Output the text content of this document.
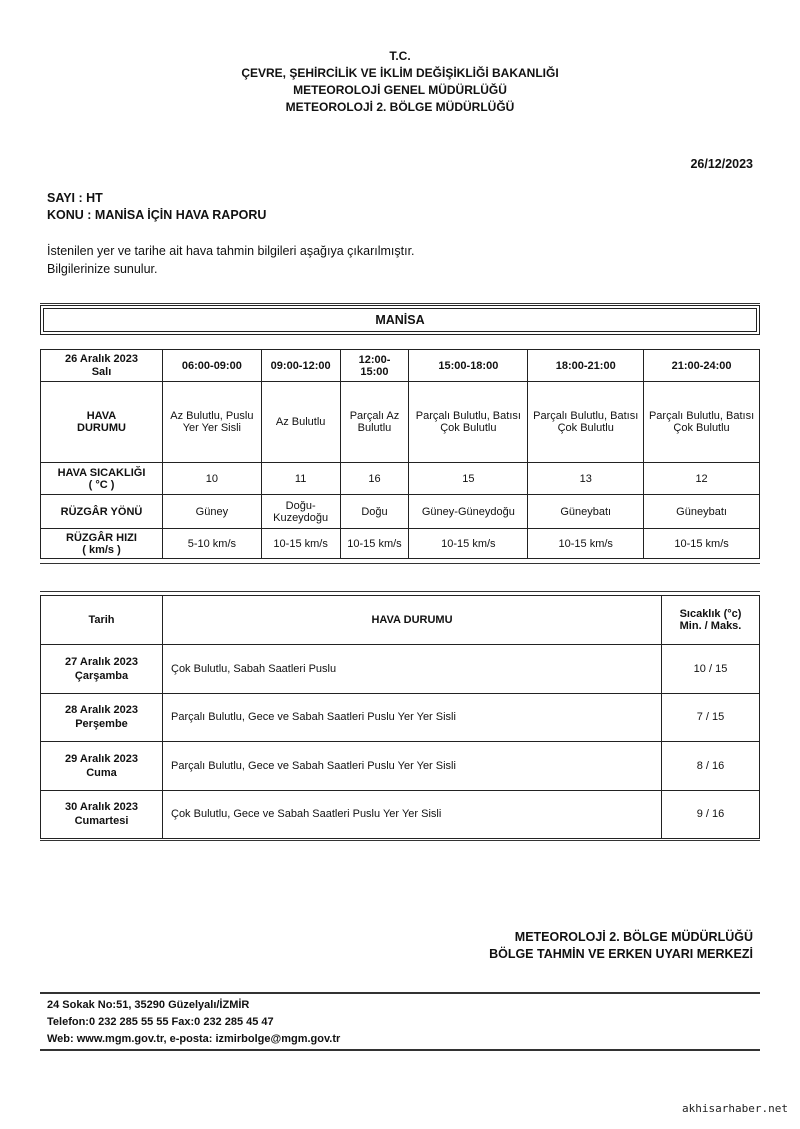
T.C.
ÇEVRE, ŞEHİRCİLİK VE İKLİM DEĞİŞİKLİĞİ BAKANLIĞI
METEOROLOJİ GENEL MÜDÜRLÜĞÜ
METEOROLOJİ 2. BÖLGE MÜDÜRLÜĞÜ
26/12/2023
SAYI : HT
KONU : MANİSA İÇİN HAVA RAPORU
İstenilen yer ve tarihe ait hava tahmin bilgileri aşağıya çıkarılmıştır.
Bilgilerinize sunulur.
MANİSA
26 Aralık 2023
Salı	06:00-09:00	09:00-12:00	12:00-15:00	15:00-18:00	18:00-21:00	21:00-24:00

HAVA
DURUMU	Az Bulutlu, Puslu Yer Yer Sisli	Az Bulutlu	Parçalı Az Bulutlu	Parçalı Bulutlu, Batısı Çok Bulutlu	Parçalı Bulutlu, Batısı Çok Bulutlu	Parçalı Bulutlu, Batısı Çok Bulutlu

HAVA SICAKLIĞI
( °C )	10	11	16	15	13	12
RÜZGÂR YÖNÜ	Güney	Doğu-Kuzeydoğu	Doğu	Güney-Güneydoğu	Güneybatı	Güneybatı

RÜZGÂR HIZI
( km/s )	5-10 km/s	10-15 km/s	10-15 km/s	10-15 km/s	10-15 km/s	10-15 km/s
Tarih	HAVA DURUMU	Sıcaklık (°c)
Min. / Maks.

27 Aralık 2023
Çarşamba	Çok Bulutlu, Sabah Saatleri Puslu	10 / 15

28 Aralık 2023
Perşembe	Parçalı Bulutlu, Gece ve Sabah Saatleri Puslu Yer Yer Sisli	7 / 15

29 Aralık 2023
Cuma	Parçalı Bulutlu, Gece ve Sabah Saatleri Puslu Yer Yer Sisli	8 / 16

30 Aralık 2023
Cumartesi	Çok Bulutlu, Gece ve Sabah Saatleri Puslu Yer Yer Sisli	9 / 16
METEOROLOJİ 2. BÖLGE MÜDÜRLÜĞÜ
BÖLGE TAHMİN VE ERKEN UYARI MERKEZİ
24 Sokak No:51, 35290 Güzelyalı/İZMİR
Telefon:0 232 285 55 55 Fax:0 232 285 45 47
Web: www.mgm.gov.tr, e-posta: izmirbolge@mgm.gov.tr
akhisarhaber.net
